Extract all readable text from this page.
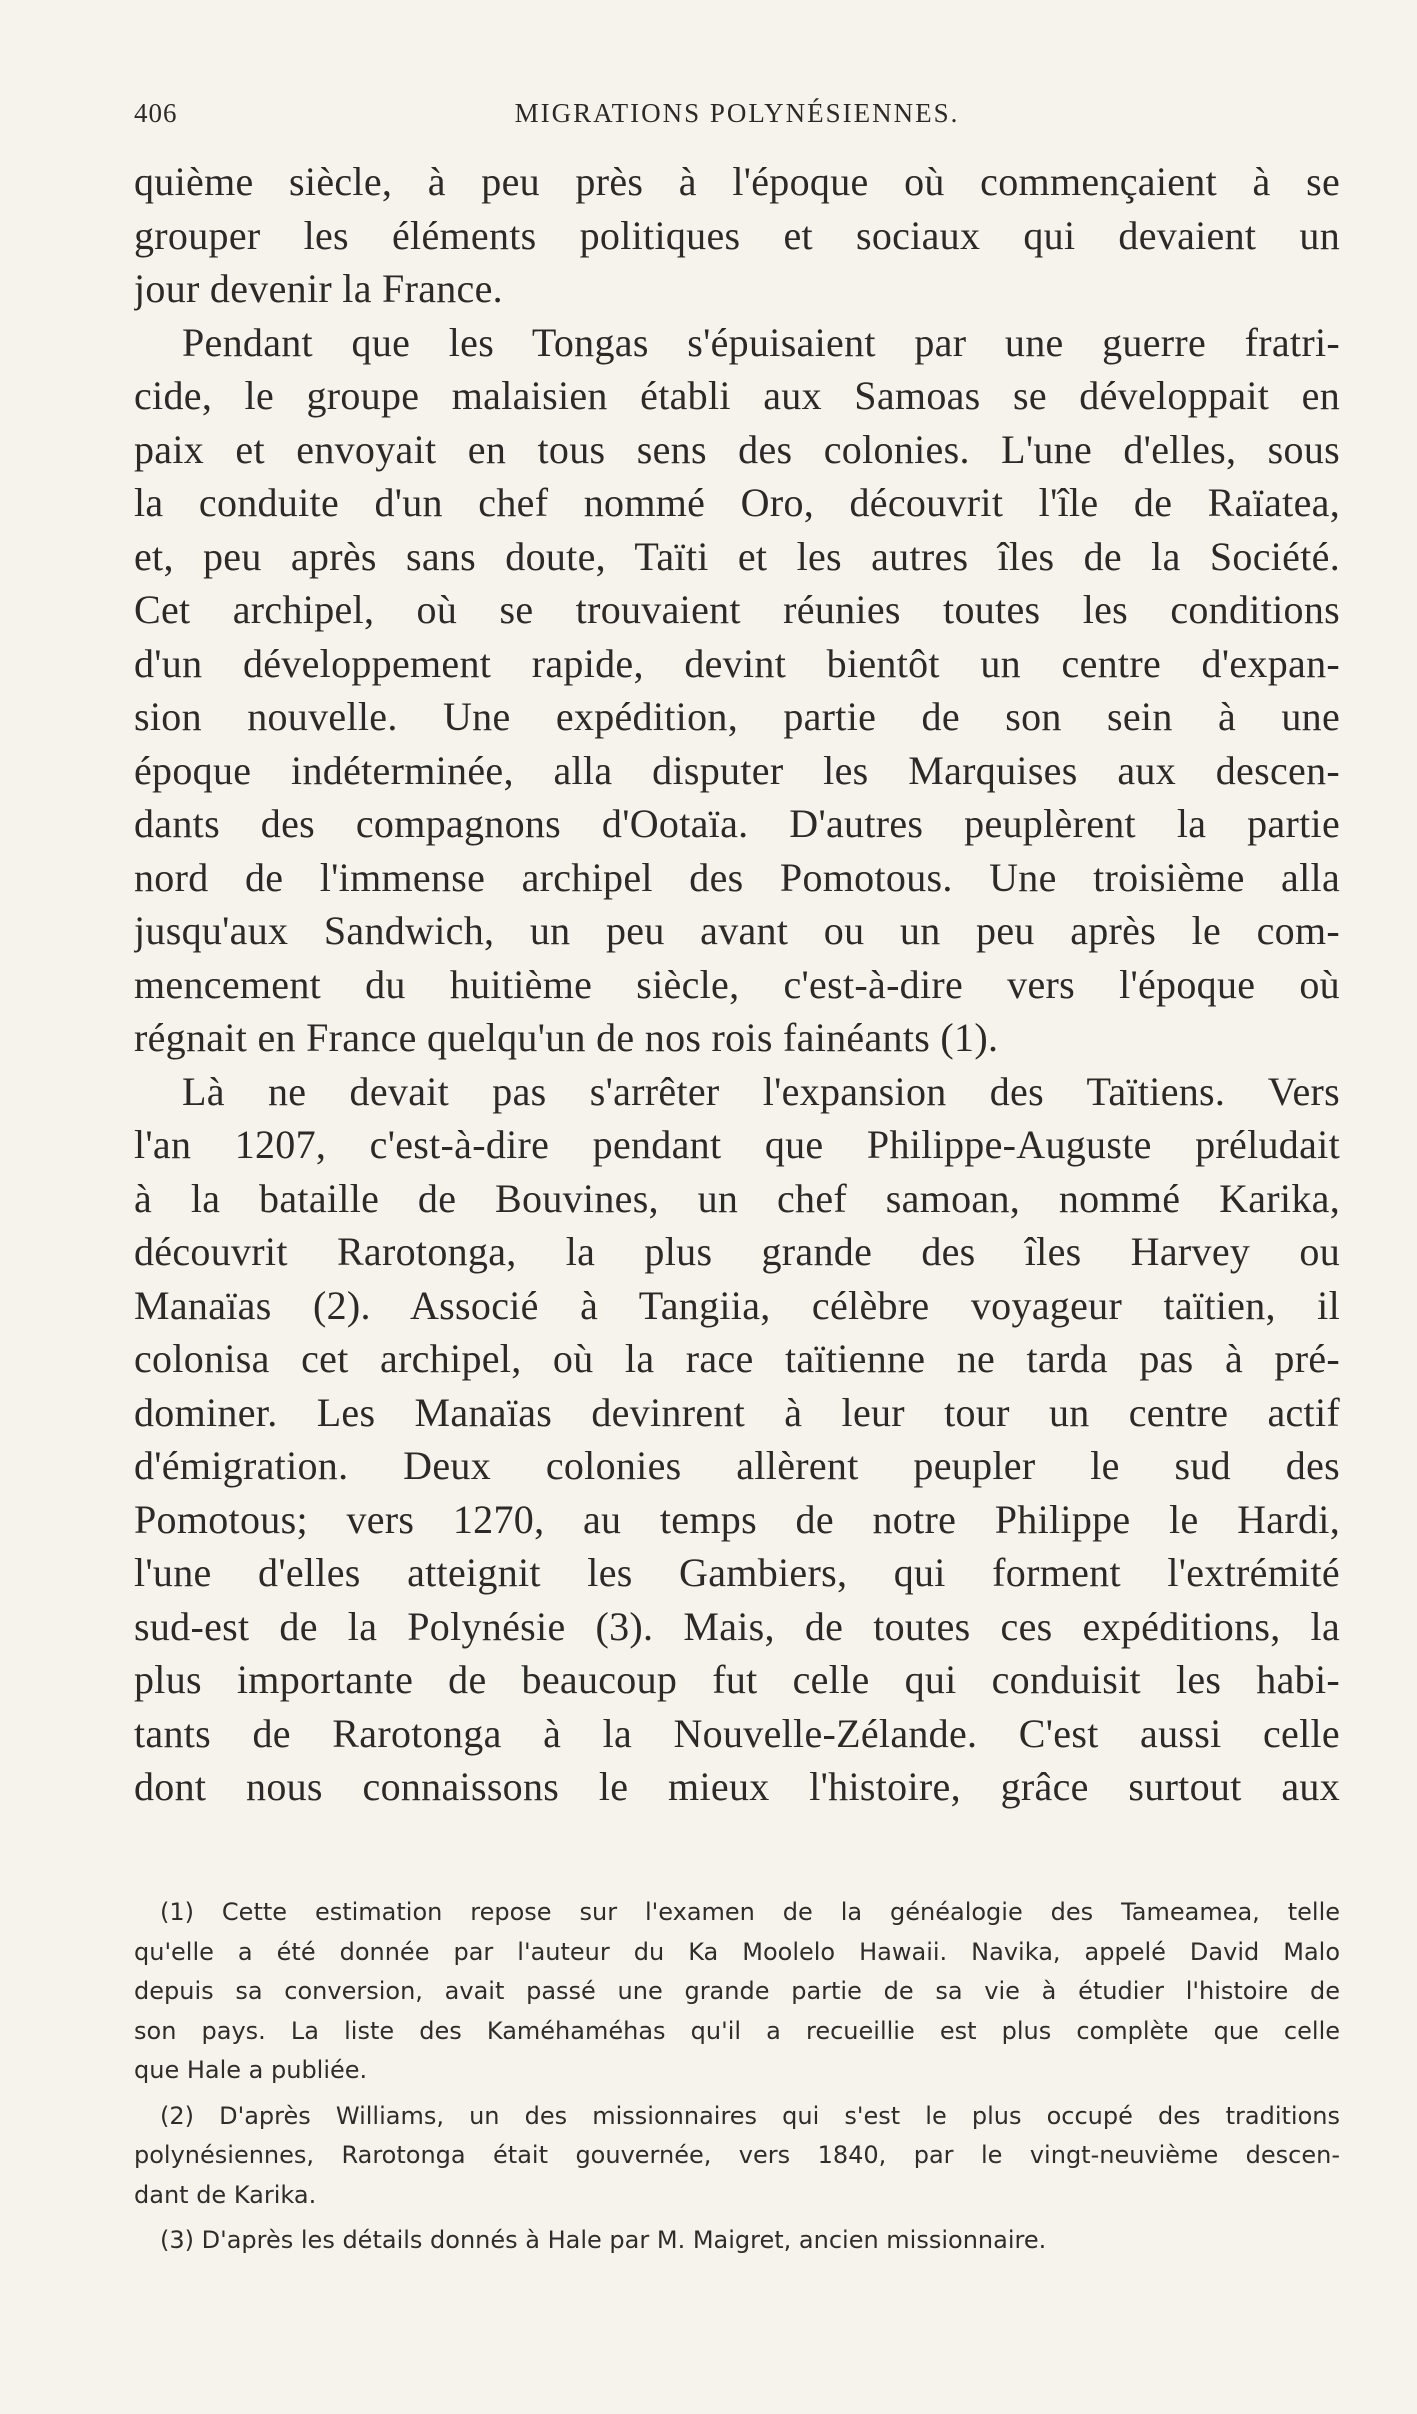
406	MIGRATIONS POLYNÉSIENNES.
quième siècle, à peu près à l'époque où commençaient à se
grouper les éléments politiques et sociaux qui devaient un
jour devenir la France.
Pendant que les Tongas s'épuisaient par une guerre fratri-
cide, le groupe malaisien établi aux Samoas se développait en
paix et envoyait en tous sens des colonies. L'une d'elles, sous
la conduite d'un chef nommé Oro, découvrit l'île de Raïatea,
et, peu après sans doute, Taïti et les autres îles de la Société.
Cet archipel, où se trouvaient réunies toutes les conditions
d'un développement rapide, devint bientôt un centre d'expan-
sion nouvelle. Une expédition, partie de son sein à une
époque indéterminée, alla disputer les Marquises aux descen-
dants des compagnons d'Ootaïa. D'autres peuplèrent la partie
nord de l'immense archipel des Pomotous. Une troisième alla
jusqu'aux Sandwich, un peu avant ou un peu après le com-
mencement du huitième siècle, c'est-à-dire vers l'époque où
régnait en France quelqu'un de nos rois fainéants (1).
Là ne devait pas s'arrêter l'expansion des Taïtiens. Vers
l'an 1207, c'est-à-dire pendant que Philippe-Auguste préludait
à la bataille de Bouvines, un chef samoan, nommé Karika,
découvrit Rarotonga, la plus grande des îles Harvey ou
Manaïas (2). Associé à Tangiia, célèbre voyageur taïtien, il
colonisa cet archipel, où la race taïtienne ne tarda pas à pré-
dominer. Les Manaïas devinrent à leur tour un centre actif
d'émigration. Deux colonies allèrent peupler le sud des
Pomotous; vers 1270, au temps de notre Philippe le Hardi,
l'une d'elles atteignit les Gambiers, qui forment l'extrémité
sud-est de la Polynésie (3). Mais, de toutes ces expéditions, la
plus importante de beaucoup fut celle qui conduisit les habi-
tants de Rarotonga à la Nouvelle-Zélande. C'est aussi celle
dont nous connaissons le mieux l'histoire, grâce surtout aux
(1) Cette estimation repose sur l'examen de la généalogie des Tameamea, telle
qu'elle a été donnée par l'auteur du Ka Moolelo Hawaii. Navika, appelé David Malo
depuis sa conversion, avait passé une grande partie de sa vie à étudier l'histoire de
son pays. La liste des Kaméhaméhas qu'il a recueillie est plus complète que celle
que Hale a publiée.
(2) D'après Williams, un des missionnaires qui s'est le plus occupé des traditions
polynésiennes, Rarotonga était gouvernée, vers 1840, par le vingt-neuvième descen-
dant de Karika.
(3) D'après les détails donnés à Hale par M. Maigret, ancien missionnaire.
